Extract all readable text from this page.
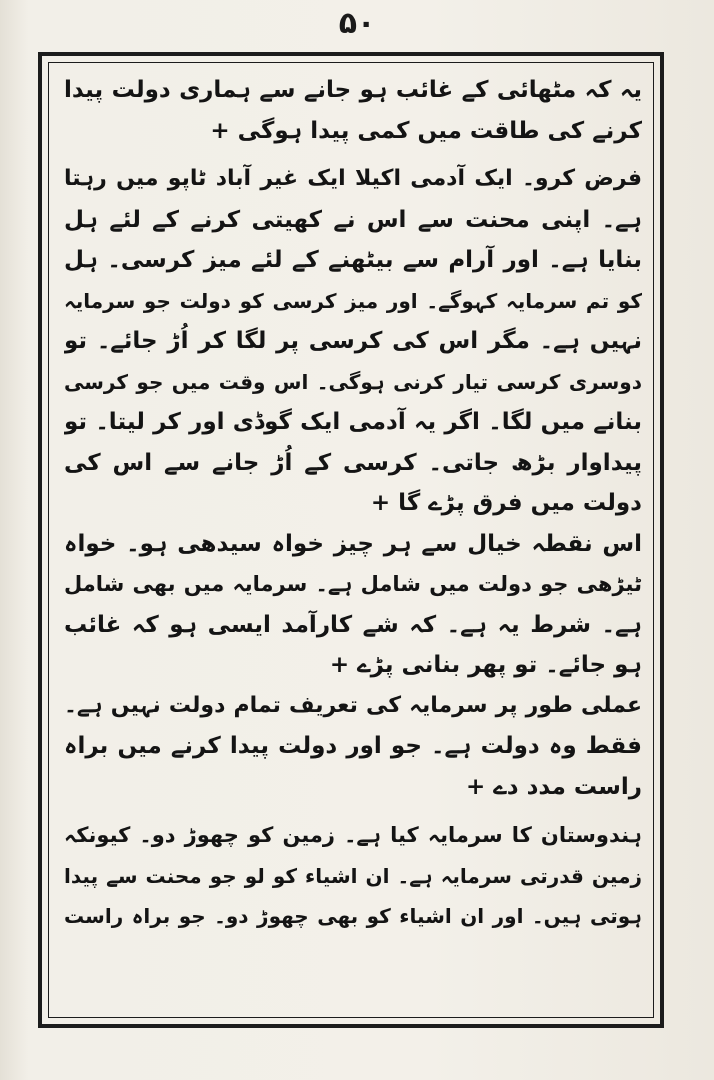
۵٠
یہ کہ مٹھائی کے غائب ہو جانے سے ہماری دولت پیدا
کرنے کی طاقت میں کمی پیدا ہوگی +
فرض کرو۔ ایک آدمی اکیلا ایک غیر آباد ٹاپو میں رہتا
ہے۔ اپنی محنت سے اس نے کھیتی کرنے کے لئے ہل
بنایا ہے۔ اور آرام سے بیٹھنے کے لئے میز کرسی۔ ہل
کو تم سرمایہ کہوگے۔ اور میز کرسی کو دولت جو سرمایہ
نہیں ہے۔ مگر اس کی کرسی پر لگا کر اُڑ جائے۔ تو
دوسری کرسی تیار کرنی ہوگی۔ اس وقت میں جو کرسی
بنانے میں لگا۔ اگر یہ آدمی ایک گوڈی اور کر لیتا۔ تو
پیداوار بڑھ جاتی۔ کرسی کے اُڑ جانے سے اس کی
دولت میں فرق پڑے گا +
اس نقطہ خیال سے ہر چیز خواہ سیدھی ہو۔ خواہ
ٹیڑھی جو دولت میں شامل ہے۔ سرمایہ میں بھی شامل
ہے۔ شرط یہ ہے۔ کہ شے کارآمد ایسی ہو کہ غائب
ہو جائے۔ تو پھر بنانی پڑے +
عملی طور پر سرمایہ کی تعریف تمام دولت نہیں ہے۔
فقط وہ دولت ہے۔ جو اور دولت پیدا کرنے میں براہ
راست مدد دے +
ہندوستان کا سرمایہ کیا ہے۔ زمین کو چھوڑ دو۔ کیونکہ
زمین قدرتی سرمایہ ہے۔ ان اشیاء کو لو جو محنت سے پیدا
ہوتی ہیں۔ اور ان اشیاء کو بھی چھوڑ دو۔ جو براہ راست
